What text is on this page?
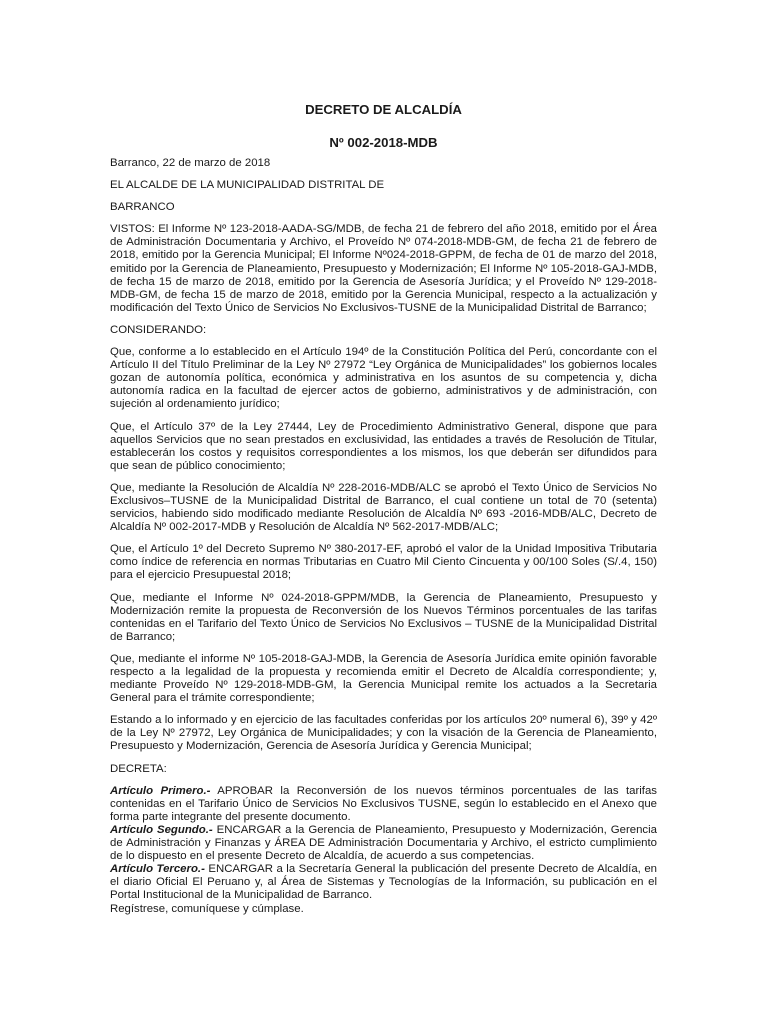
DECRETO DE ALCALDÍA

Nº 002-2018-MDB

Barranco, 22 de marzo de 2018

EL ALCALDE DE LA MUNICIPALIDAD DISTRITAL DE

BARRANCO

VISTOS: El Informe Nº 123-2018-AADA-SG/MDB, de fecha 21 de febrero del año 2018, emitido por el Área de Administración Documentaria y Archivo, el Proveído Nº 074-2018-MDB-GM, de fecha 21 de febrero de 2018, emitido por la Gerencia Municipal; El Informe Nº024-2018-GPPM, de fecha de 01 de marzo del 2018, emitido por la Gerencia de Planeamiento, Presupuesto y Modernización; El Informe Nº 105-2018-GAJ-MDB, de fecha 15 de marzo de 2018, emitido por la Gerencia de Asesoría Jurídica; y el Proveído Nº 129-2018-MDB-GM, de fecha 15 de marzo de 2018, emitido por la Gerencia Municipal, respecto a la actualización y modificación del Texto Único de Servicios No Exclusivos-TUSNE de la Municipalidad Distrital de Barranco;

CONSIDERANDO:

Que, conforme a lo establecido en el Artículo 194º de la Constitución Política del Perú, concordante con el Artículo II del Título Preliminar de la Ley Nº 27972 “Ley Orgánica de Municipalidades” los gobiernos locales gozan de autonomía política, económica y administrativa en los asuntos de su competencia y, dicha autonomía radica en la facultad de ejercer actos de gobierno, administrativos y de administración, con sujeción al ordenamiento jurídico;

Que, el Artículo 37º de la Ley 27444, Ley de Procedimiento Administrativo General, dispone que para aquellos Servicios que no sean prestados en exclusividad, las entidades a través de Resolución de Titular, establecerán los costos y requisitos correspondientes a los mismos, los que deberán ser difundidos para que sean de público conocimiento;

Que, mediante la Resolución de Alcaldía Nº 228-2016-MDB/ALC se aprobó el Texto Único de Servicios No Exclusivos–TUSNE de la Municipalidad Distrital de Barranco, el cual contiene un total de 70 (setenta) servicios, habiendo sido modificado mediante Resolución de Alcaldía Nº 693 -2016-MDB/ALC, Decreto de Alcaldía Nº 002-2017-MDB y Resolución de Alcaldía Nº 562-2017-MDB/ALC;

Que, el Artículo 1º del Decreto Supremo Nº 380-2017-EF, aprobó el valor de la Unidad Impositiva Tributaria como índice de referencia en normas Tributarias en Cuatro Mil Ciento Cincuenta y 00/100 Soles (S/.4, 150) para el ejercicio Presupuestal 2018;

Que, mediante el Informe Nº 024-2018-GPPM/MDB, la Gerencia de Planeamiento, Presupuesto y Modernización remite la propuesta de Reconversión de los Nuevos Términos porcentuales de las tarifas contenidas en el Tarifario del Texto Único de Servicios No Exclusivos – TUSNE de la Municipalidad Distrital de Barranco;

Que, mediante el informe Nº 105-2018-GAJ-MDB, la Gerencia de Asesoría Jurídica emite opinión favorable respecto a la legalidad de la propuesta y recomienda emitir el Decreto de Alcaldía correspondiente; y, mediante Proveído Nº 129-2018-MDB-GM, la Gerencia Municipal remite los actuados a la Secretaria General para el trámite correspondiente;

Estando a lo informado y en ejercicio de las facultades conferidas por los artículos 20º numeral 6), 39º y 42º de la Ley Nº 27972, Ley Orgánica de Municipalidades; y con la visación de la Gerencia de Planeamiento, Presupuesto y Modernización, Gerencia de Asesoría Jurídica y Gerencia Municipal;

DECRETA:

Artículo Primero.- APROBAR la Reconversión de los nuevos términos porcentuales de las tarifas contenidas en el Tarifario Único de Servicios No Exclusivos TUSNE, según lo establecido en el Anexo que forma parte integrante del presente documento.

Artículo Segundo.- ENCARGAR a la Gerencia de Planeamiento, Presupuesto y Modernización, Gerencia de Administración y Finanzas y ÁREA DE Administración Documentaria y Archivo, el estricto cumplimiento de lo dispuesto en el presente Decreto de Alcaldía, de acuerdo a sus competencias.

Artículo Tercero.- ENCARGAR a la Secretaría General la publicación del presente Decreto de Alcaldía, en el diario Oficial El Peruano y, al Área de Sistemas y Tecnologías de la Información, su publicación en el Portal Institucional de la Municipalidad de Barranco.

Regístrese, comuníquese y cúmplase.
